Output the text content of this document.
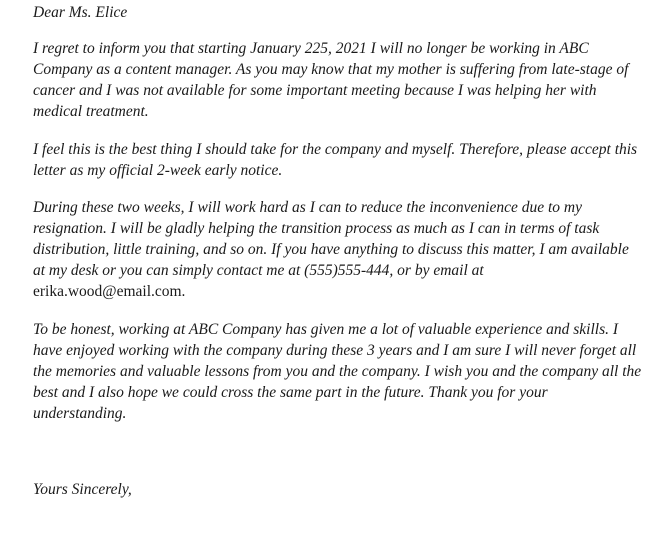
Dear Ms. Elice

I regret to inform you that starting January 225, 2021 I will no longer be working in ABC Company as a content manager. As you may know that my mother is suffering from late-stage of cancer and I was not available for some important meeting because I was helping her with medical treatment.

I feel this is the best thing I should take for the company and myself. Therefore, please accept this letter as my official 2-week early notice.

During these two weeks, I will work hard as I can to reduce the inconvenience due to my resignation. I will be gladly helping the transition process as much as I can in terms of task distribution, little training, and so on. If you have anything to discuss this matter, I am available at my desk or you can simply contact me at (555)555-444, or by email at
erika.wood@email.com.

To be honest, working at ABC Company has given me a lot of valuable experience and skills. I have enjoyed working with the company during these 3 years and I am sure I will never forget all the memories and valuable lessons from you and the company. I wish you and the company all the best and I also hope we could cross the same part in the future. Thank you for your understanding.

Yours Sincerely,
